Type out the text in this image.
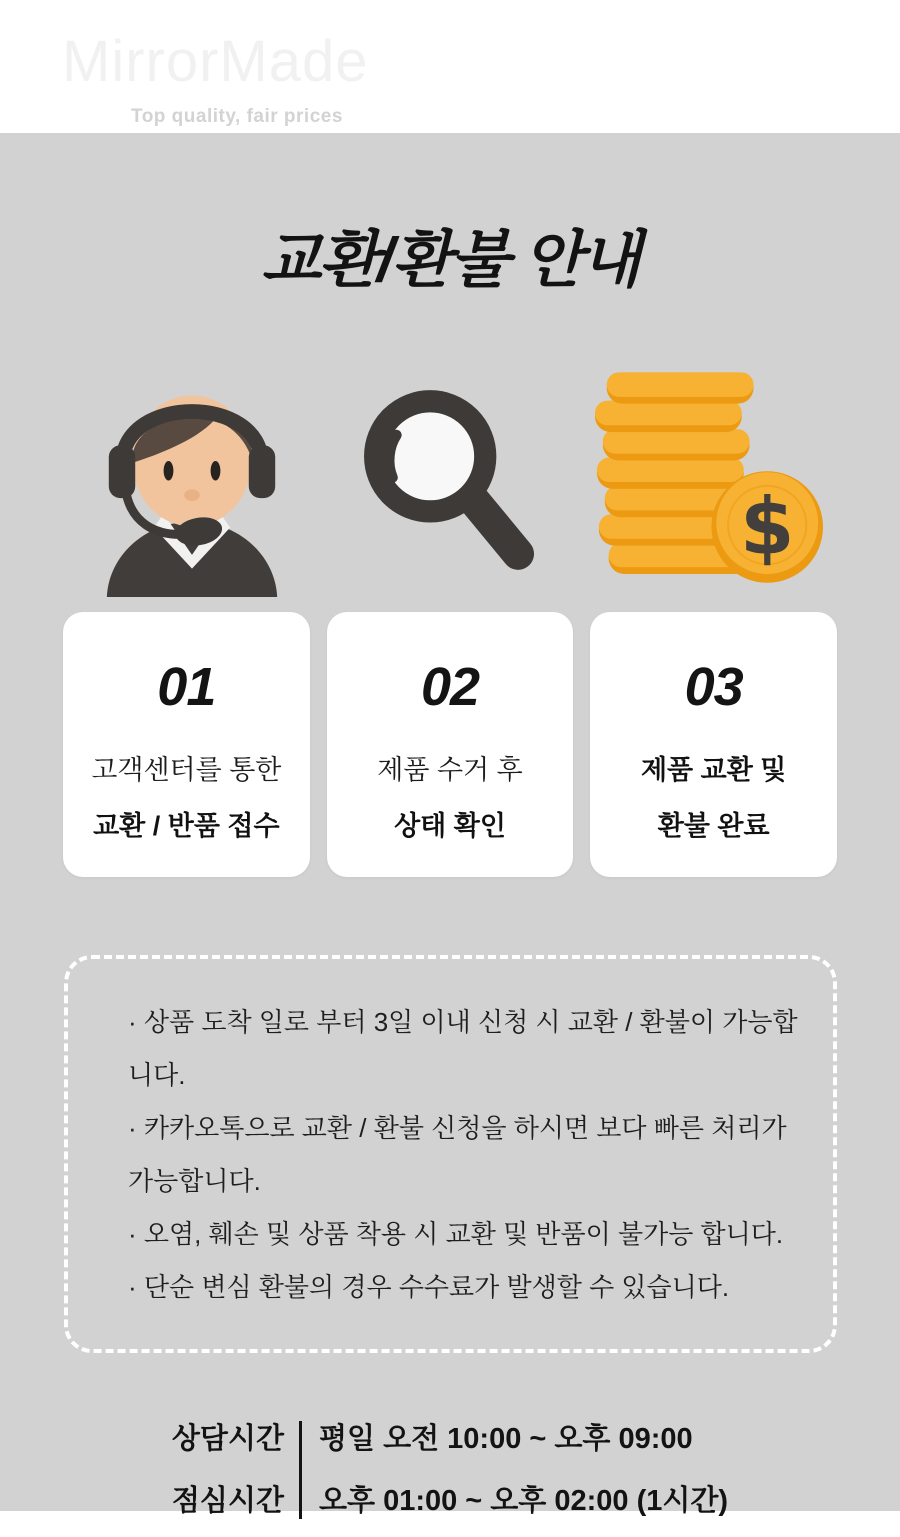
MirrorMade
Top quality, fair prices
교환/환불 안내
$
01
고객센터를 통한
교환 / 반품 접수
02
제품 수거 후
상태 확인
03
제품 교환 및
환불 완료
· 상품 도착 일로 부터 3일 이내 신청 시 교환 / 환불이 가능합니다.
· 카카오톡으로 교환 / 환불 신청을 하시면 보다 빠른 처리가 가능합니다.
· 오염, 훼손 및 상품 착용 시 교환 및 반품이 불가능 합니다.
· 단순 변심 환불의 경우 수수료가 발생할 수 있습니다.
상담시간
점심시간
평일 오전 10:00 ~ 오후 09:00
오후 01:00 ~ 오후 02:00 (1시간)
